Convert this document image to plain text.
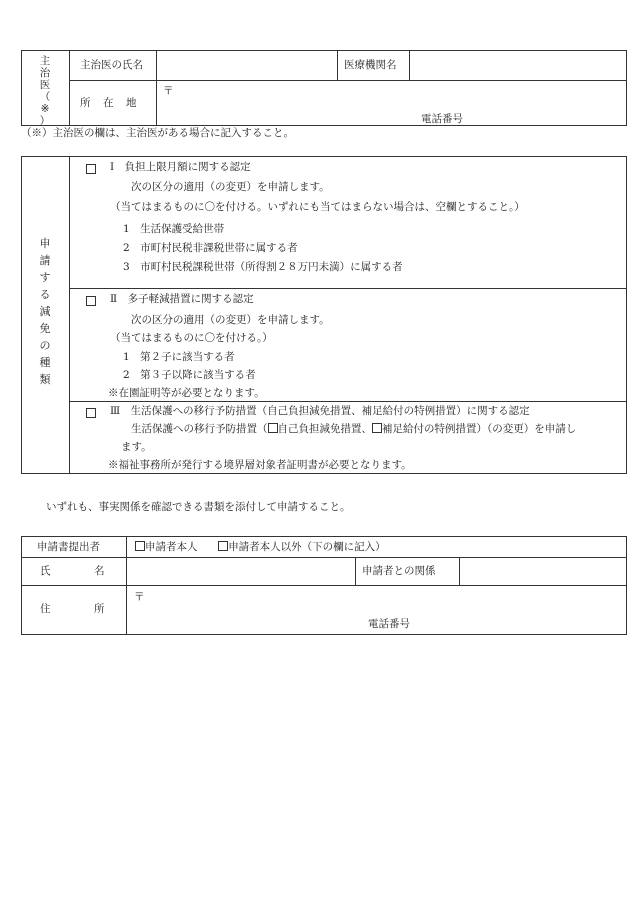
主
治
医
（
※
）
主治医の氏名	医療機関名
所　在　地
〒
電話番号
（※）主治医の欄は、主治医がある場合に記入すること。
申
請
す
る
減
免
の
種
類
Ⅰ　負担上限月額に関する認定
次の区分の適用（の変更）を申請します。
（当てはまるものに〇を付ける。いずれにも当てはまらない場合は、空欄とすること。）
1　生活保護受給世帯
2　市町村民税非課税世帯に属する者
3　市町村民税課税世帯（所得割２８万円未満）に属する者
Ⅱ　多子軽減措置に関する認定
次の区分の適用（の変更）を申請します。
（当てはまるものに〇を付ける。）
1　第２子に該当する者
2　第３子以降に該当する者
※在園証明等が必要となります。
Ⅲ　生活保護への移行予防措置（自己負担減免措置、補足給付の特例措置）に関する認定
生活保護への移行予防措置（ 自己負担減免措置、 補足給付の特例措置）（の変更）を申請し
ます。
※福祉事務所が発行する境界層対象者証明書が必要となります。
いずれも、事実関係を確認できる書類を添付して申請すること。
申請書提出者	申請者本人	申請者本人以外（下の欄に記入）
氏　　　名	申請者との関係
住　　　所
〒
電話番号
